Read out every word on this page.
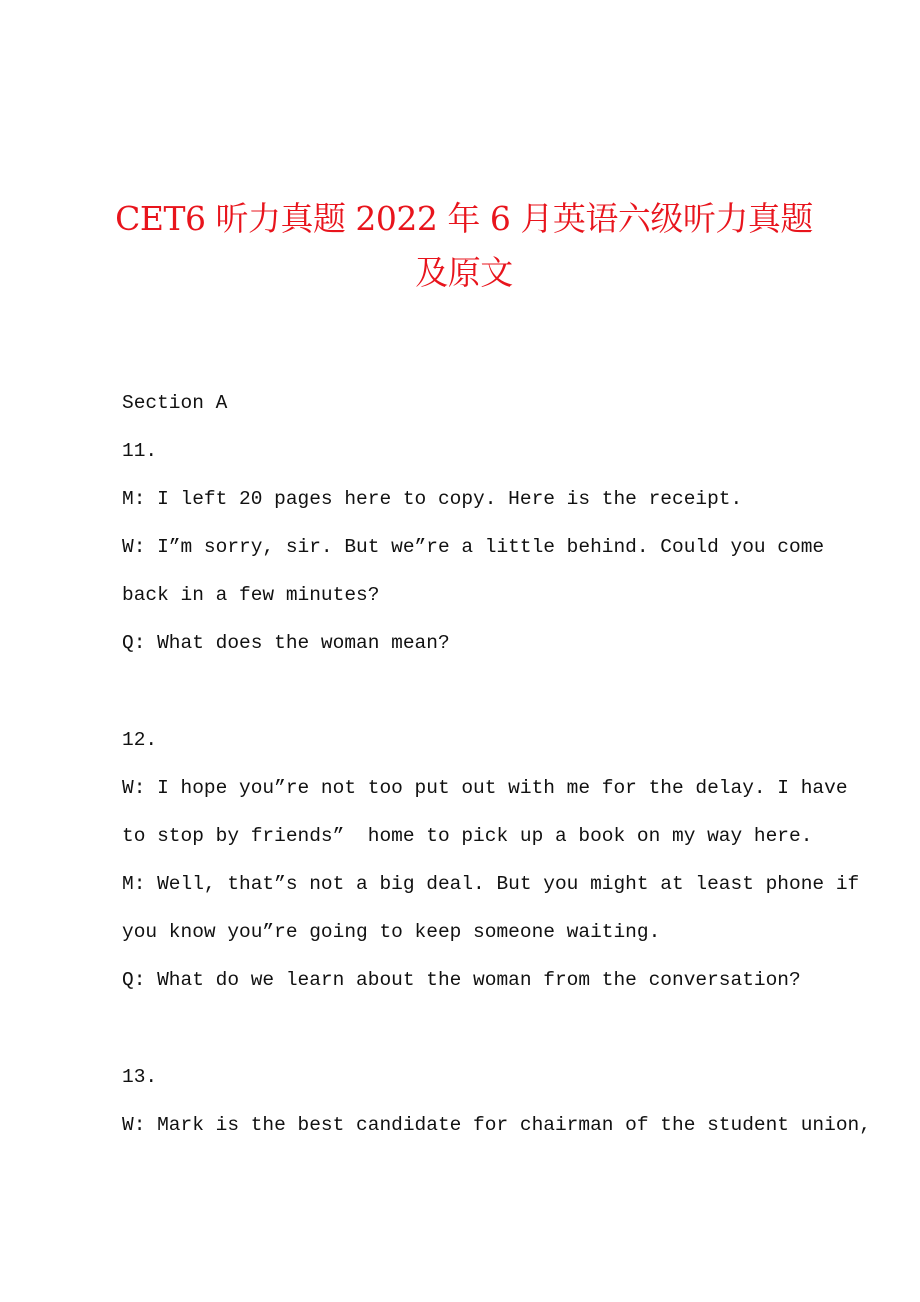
CET6 听力真题 2022 年 6 月英语六级听力真题
及原文
Section A
11.
M: I left 20 pages here to copy. Here is the receipt.
W: I”m sorry, sir. But we”re a little behind. Could you come
back in a few minutes?
Q: What does the woman mean?
12.
W: I hope you”re not too put out with me for the delay. I have
to stop by friends”  home to pick up a book on my way here.
M: Well, that”s not a big deal. But you might at least phone if
you know you”re going to keep someone waiting.
Q: What do we learn about the woman from the conversation?
13.
W: Mark is the best candidate for chairman of the student union,
